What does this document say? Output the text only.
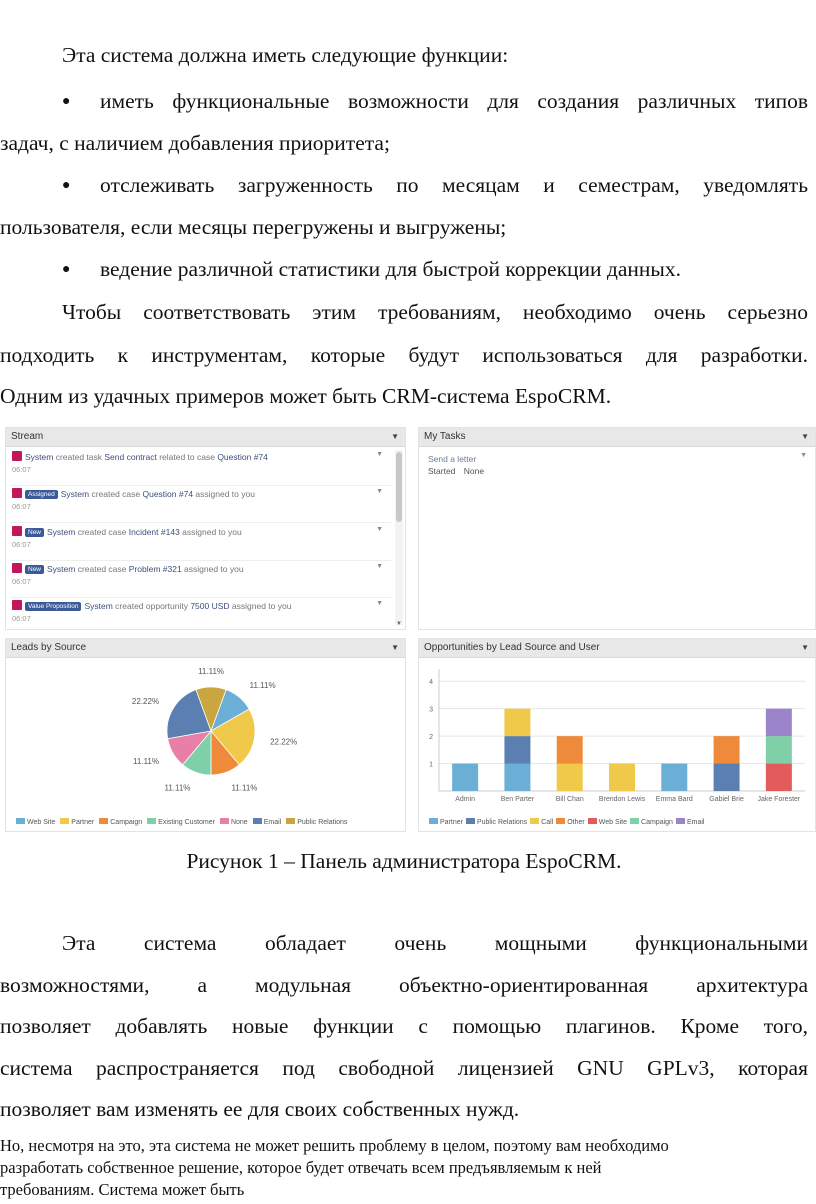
Эта система должна иметь следующие функции:

● иметь функциональные возможности для создания различных типов

задач, с наличием добавления приоритета;

● отслеживать загруженность по месяцам и семестрам, уведомлять

пользователя, если месяцы перегружены и выгружены;

● ведение различной статистики для быстрой коррекции данных.

Чтобы соответствовать этим требованиям, необходимо очень серьезно

подходить к инструментам, которые будут использоваться для разработки.

Одним из удачных примеров может быть CRM-система EspoCRM.

Stream	▼
System created task Send contract related to case Question #74
06:07
▼
Assigned System created case Question #74 assigned to you
06:07
▼
New System created case Incident #143 assigned to you
06:07
▼
New System created case Problem #321 assigned to you
06:07
▼
Value Proposition System created opportunity 7500 USD assigned to you
06:07
▼
▼
My Tasks	▼
Send a letter
Started None
▼
Leads by Source	▼
11.11%
22.22%
11.11%
11.11%
11.11%
22.22%
11.11%
Web Site Partner Campaign Existing Customer None Email Public Relations
Opportunities by Lead Source and User	▼
1
2
3
4
Admin	Ben Parter	Bill Chan Brendon Lewis Emma Bard Gabiel Brie Jake Forester
Partner Public Relations Call Other Web Site Campaign Email

Рисунок 1 – Панель администратора EspoCRM.

Эта система обладает очень мощными функциональными

возможностями, а модульная объектно-ориентированная архитектура

позволяет добавлять новые функции с помощью плагинов. Кроме того,

система распространяется под свободной лицензией GNU GPLv3, которая

позволяет вам изменять ее для своих собственных нужд.

Но, несмотря на это, эта система не может решить проблему в целом, поэтому вам необходимо

разработать собственное решение, которое будет отвечать всем предъявляемым к ней

требованиям. Система может быть
